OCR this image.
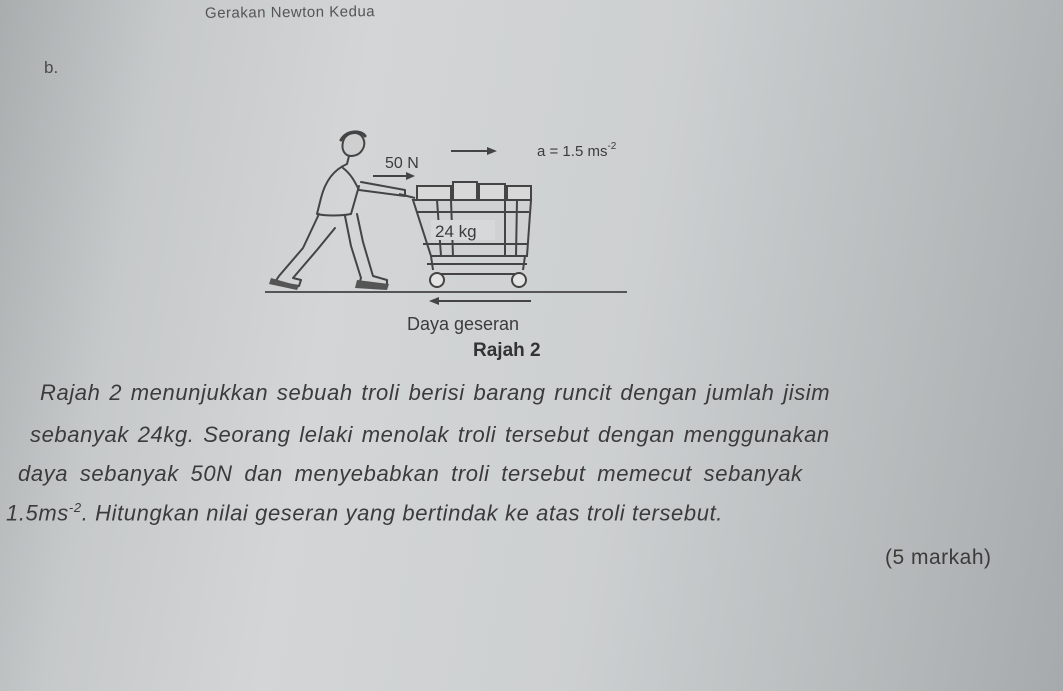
Gerakan Newton Kedua
b.
50 N
a = 1.5 $ms^{-2}$
24 kg
Daya geseran
Rajah 2
Rajah 2 menunjukkan sebuah troli berisi barang runcit dengan jumlah jisim
sebanyak 24kg. Seorang lelaki menolak troli tersebut dengan menggunakan
daya sebanyak 50N dan menyebabkan troli tersebut memecut sebanyak
$1.5ms^{-2}$. Hitungkan nilai geseran yang bertindak ke atas troli tersebut.
(5 markah)
